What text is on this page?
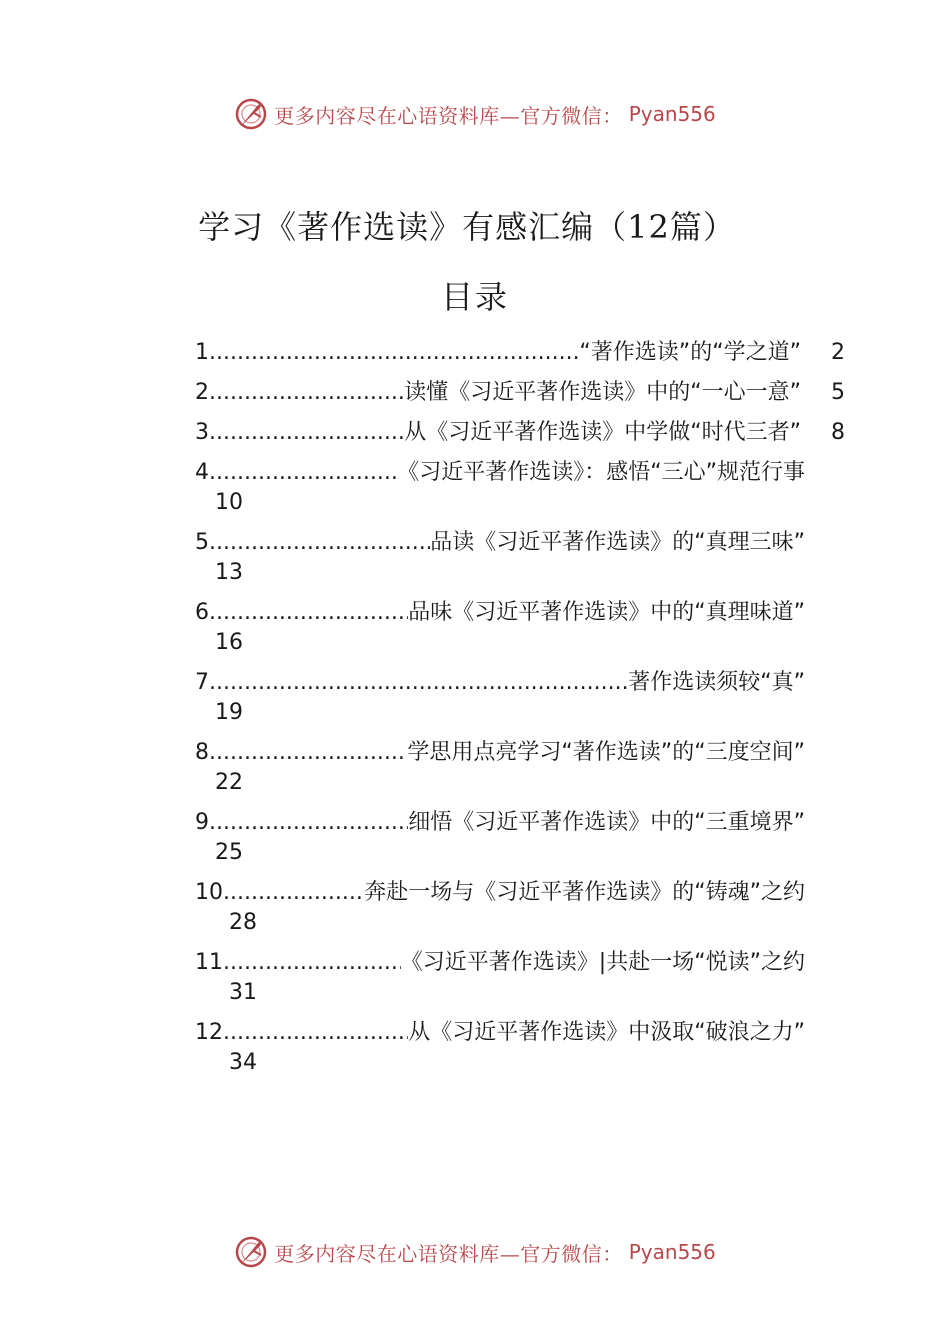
更多内容尽在心语资料库—官方微信： Pyan556
学习《著作选读》有感汇编（12篇）
目录
1 .....	“著作选读”的“学之道”	2
2 .....	读懂《习近平著作选读》中的“一心一意”	5
3 .....	从《习近平著作选读》中学做“时代三者”	8
4 .....	《习近平著作选读》：感悟“三心”规范行事
10
5 .....	品读《习近平著作选读》的“真理三味”
13
6 .....	品味《习近平著作选读》中的“真理味道”
16
7 .....	著作选读须较“真”
19
8 .....	学思用点亮学习“著作选读”的“三度空间”
22
9 .....	细悟《习近平著作选读》中的“三重境界”
25
10 .....	奔赴一场与《习近平著作选读》的“铸魂”之约
28
11 .....	《习近平著作选读》|共赴一场“悦读”之约
31
12 .....	从《习近平著作选读》中汲取“破浪之力”
34
更多内容尽在心语资料库—官方微信： Pyan556
